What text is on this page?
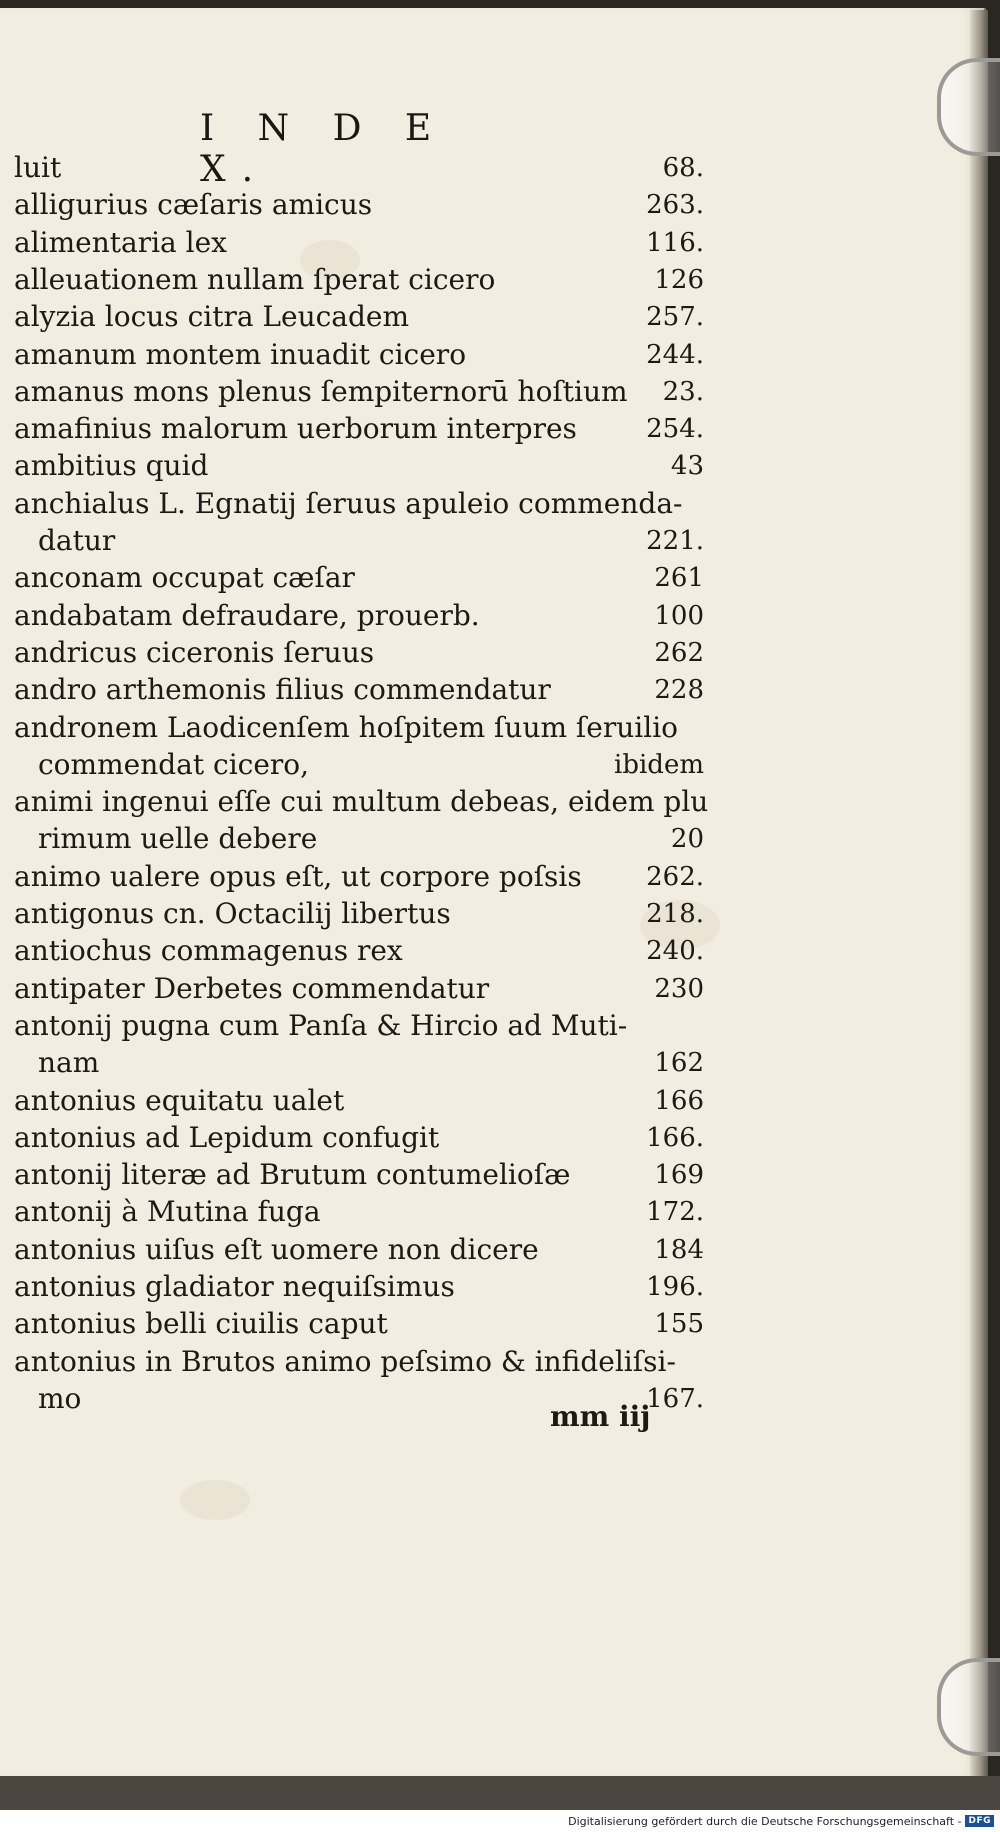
I N D E X.
luit	68.
alligurius cæſaris amicus	263.
alimentaria lex	116.
alleuationem nullam ſperat cicero	126
alyzia locus citra Leucadem	257.
amanum montem inuadit cicero	244.
amanus mons plenus ſempiternorū hoſtium 23.
amafinius malorum uerborum interpres	254.
ambitius quid	43
anchialus L. Egnatij ſeruus apuleio commenda-
datur	221.
anconam occupat cæſar	261
andabatam defraudare, prouerb.	100
andricus ciceronis ſeruus	262
andro arthemonis filius commendatur	228
andronem Laodicenſem hoſpitem ſuum ſeruilio
commendat cicero,	ibidem
animi ingenui eſſe cui multum debeas, eidem plu
rimum uelle debere	20
animo ualere opus eſt, ut corpore poſsis 262.
antigonus cn. Octacilij libertus	218.
antiochus commagenus rex	240.
antipater Derbetes commendatur	230
antonij pugna cum Panſa & Hircio ad Muti-
nam	162
antonius equitatu ualet	166
antonius ad Lepidum confugit	166.
antonij literæ ad Brutum contumelioſæ	169
antonij à Mutina fuga	172.
antonius uiſus eſt uomere non dicere	184
antonius gladiator nequiſsimus	196.
antonius belli ciuilis caput	155
antonius in Brutos animo peſsimo & infideliſsi-
mo	167.
mm iij
Digitalisierung gefördert durch die Deutsche Forschungsgemeinschaft - DFG
